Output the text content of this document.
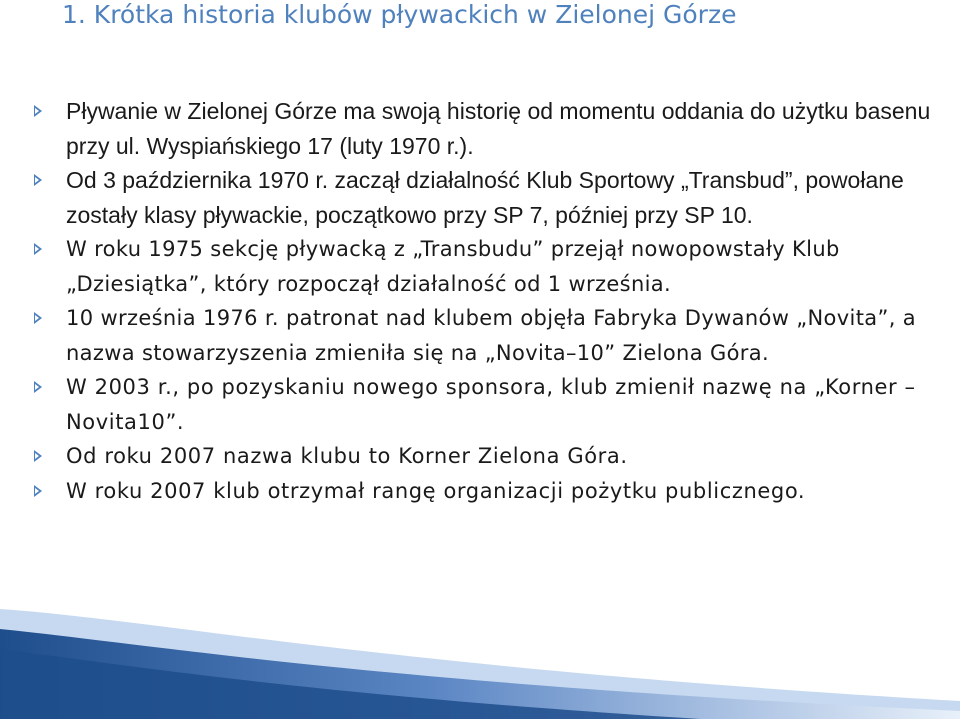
1. Krótka historia klubów pływackich w Zielonej Górze
Pływanie w Zielonej Górze ma swoją historię od momentu oddania do użytku basenu przy ul. Wyspiańskiego 17 (luty 1970 r.).
Od 3 października 1970 r. zaczął działalność Klub Sportowy „Transbud”, powołane zostały klasy pływackie, początkowo przy SP 7, później przy SP 10.
W roku 1975 sekcję pływacką z „Transbudu” przejął nowopowstały Klub „Dziesiątka”, który rozpoczął działalność od 1 września.
10 września 1976 r. patronat nad klubem objęła Fabryka Dywanów „Novita”, a nazwa stowarzyszenia zmieniła się na „Novita–10” Zielona Góra.
W 2003 r., po pozyskaniu nowego sponsora, klub zmienił nazwę na „Korner – Novita10”.
Od roku 2007 nazwa klubu to Korner Zielona Góra.
W roku 2007 klub otrzymał rangę organizacji pożytku publicznego.
